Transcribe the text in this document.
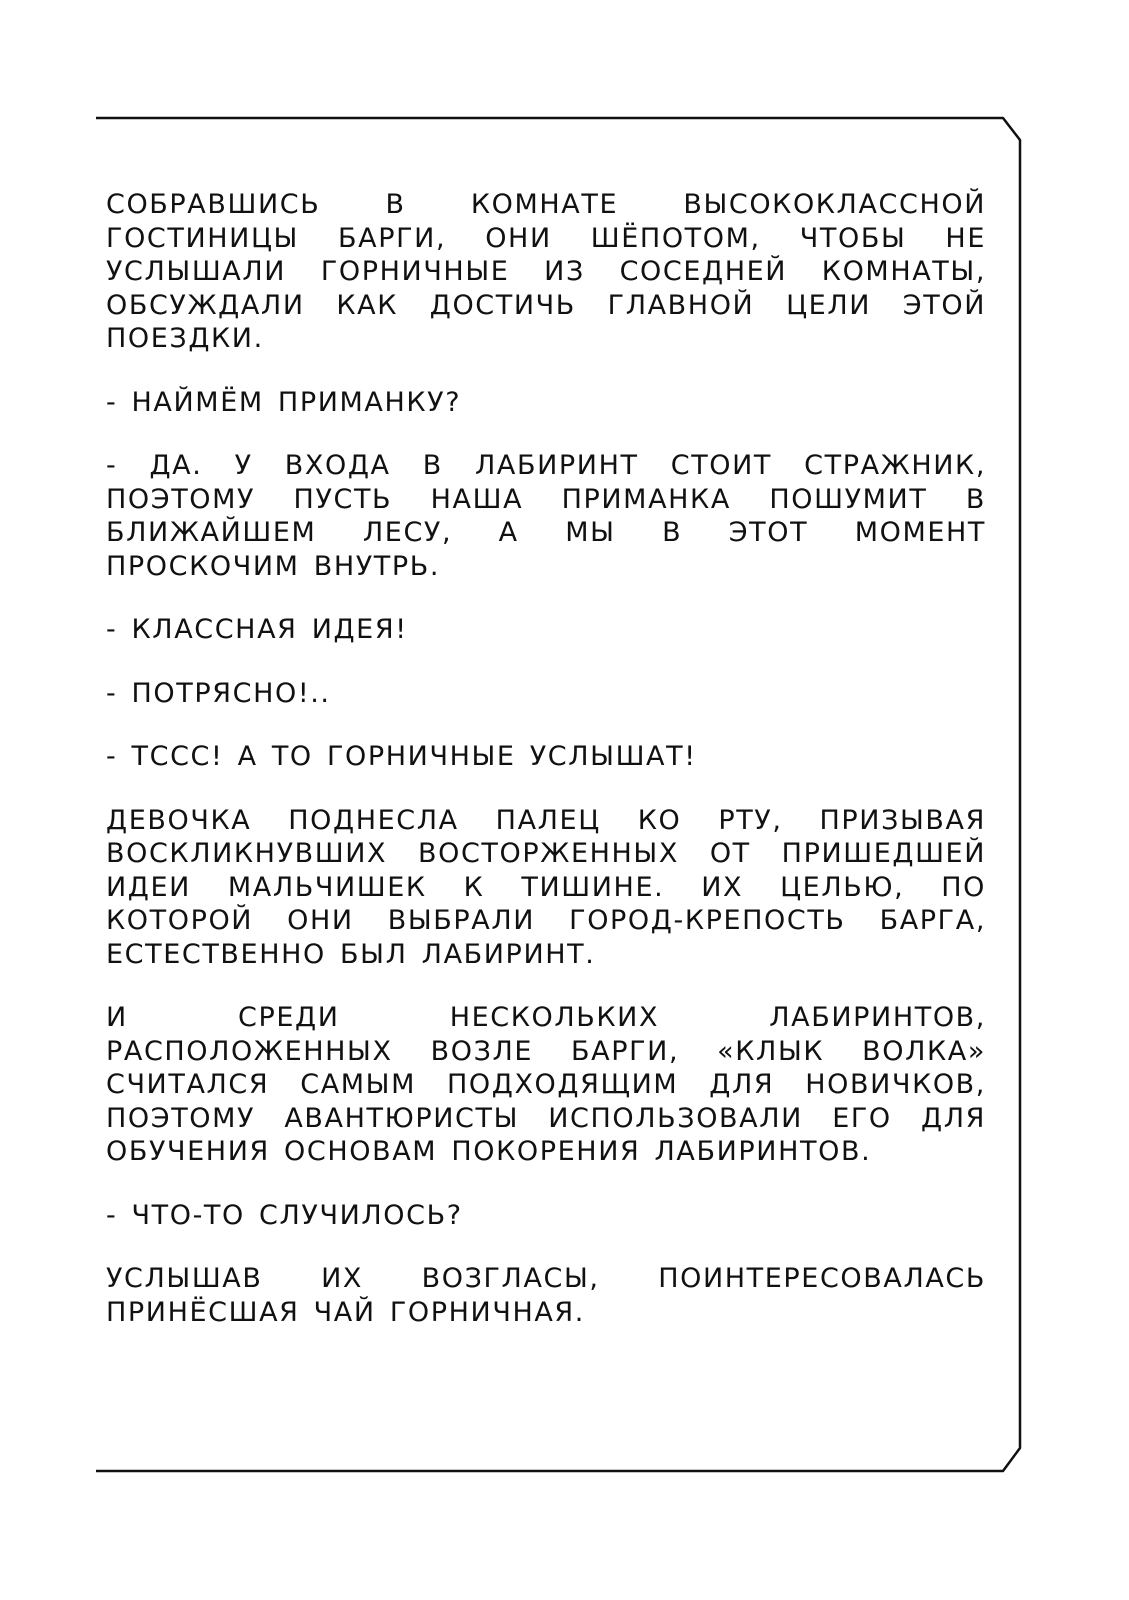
СОБРАВШИСЬ В КОМНАТЕ ВЫСОКОКЛАССНОЙ ГОСТИНИЦЫ БАРГИ, ОНИ ШЁПОТОМ, ЧТОБЫ НЕ УСЛЫШАЛИ ГОРНИЧНЫЕ ИЗ СОСЕДНЕЙ КОМНАТЫ, ОБСУЖДАЛИ КАК ДОСТИЧЬ ГЛАВНОЙ ЦЕЛИ ЭТОЙ ПОЕЗДКИ.

- НАЙМЁМ ПРИМАНКУ?

- ДА. У ВХОДА В ЛАБИРИНТ СТОИТ СТРАЖНИК, ПОЭТОМУ ПУСТЬ НАША ПРИМАНКА ПОШУМИТ В БЛИЖАЙШЕМ ЛЕСУ, А МЫ В ЭТОТ МОМЕНТ ПРОСКОЧИМ ВНУТРЬ.

- КЛАССНАЯ ИДЕЯ!

- ПОТРЯСНО!..

- ТССС! А ТО ГОРНИЧНЫЕ УСЛЫШАТ!

ДЕВОЧКА ПОДНЕСЛА ПАЛЕЦ КО РТУ, ПРИЗЫВАЯ ВОСКЛИКНУВШИХ ВОСТОРЖЕННЫХ ОТ ПРИШЕДШЕЙ ИДЕИ МАЛЬЧИШЕК К ТИШИНЕ. ИХ ЦЕЛЬЮ, ПО КОТОРОЙ ОНИ ВЫБРАЛИ ГОРОД-КРЕПОСТЬ БАРГА, ЕСТЕСТВЕННО БЫЛ ЛАБИРИНТ.

И СРЕДИ НЕСКОЛЬКИХ ЛАБИРИНТОВ, РАСПОЛОЖЕННЫХ ВОЗЛЕ БАРГИ, «КЛЫК ВОЛКА» СЧИТАЛСЯ САМЫМ ПОДХОДЯЩИМ ДЛЯ НОВИЧКОВ, ПОЭТОМУ АВАНТЮРИСТЫ ИСПОЛЬЗОВАЛИ ЕГО ДЛЯ ОБУЧЕНИЯ ОСНОВАМ ПОКОРЕНИЯ ЛАБИРИНТОВ.

- ЧТО-ТО СЛУЧИЛОСЬ?

УСЛЫШАВ ИХ ВОЗГЛАСЫ, ПОИНТЕРЕСОВАЛАСЬ ПРИНЁСШАЯ ЧАЙ ГОРНИЧНАЯ.
